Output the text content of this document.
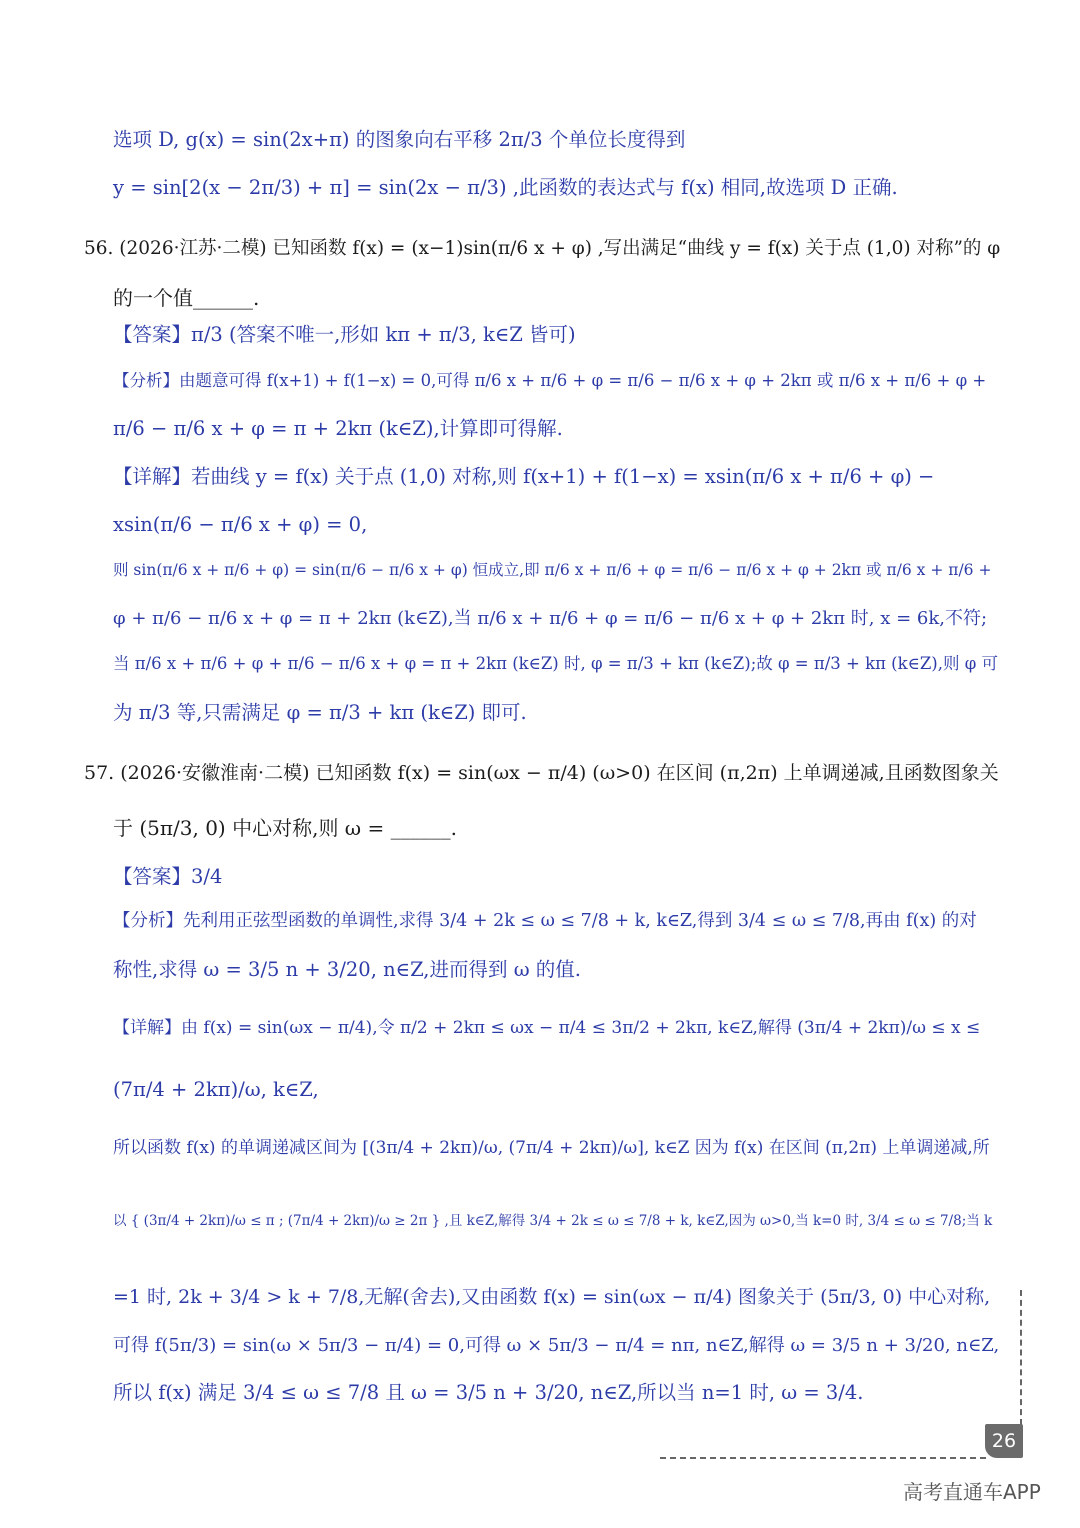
选项 D, g(x) = sin(2x+π) 的图象向右平移 2π/3 个单位长度得到
y = sin[2(x − 2π/3) + π] = sin(2x − π/3) ,此函数的表达式与 f(x) 相同,故选项 D 正确.
56. (2026·江苏·二模) 已知函数 f(x) = (x−1)sin(π/6 x + φ) ,写出满足“曲线 y = f(x) 关于点 (1,0) 对称”的 φ
的一个值______.
【答案】π/3 (答案不唯一,形如 kπ + π/3, k∈Z 皆可)
【分析】由题意可得 f(x+1) + f(1−x) = 0,可得 π/6 x + π/6 + φ = π/6 − π/6 x + φ + 2kπ 或 π/6 x + π/6 + φ +
π/6 − π/6 x + φ = π + 2kπ (k∈Z),计算即可得解.
【详解】若曲线 y = f(x) 关于点 (1,0) 对称,则 f(x+1) + f(1−x) = xsin(π/6 x + π/6 + φ) −
xsin(π/6 − π/6 x + φ) = 0,
则 sin(π/6 x + π/6 + φ) = sin(π/6 − π/6 x + φ) 恒成立,即 π/6 x + π/6 + φ = π/6 − π/6 x + φ + 2kπ 或 π/6 x + π/6 +
φ + π/6 − π/6 x + φ = π + 2kπ (k∈Z),当 π/6 x + π/6 + φ = π/6 − π/6 x + φ + 2kπ 时, x = 6k,不符;
当 π/6 x + π/6 + φ + π/6 − π/6 x + φ = π + 2kπ (k∈Z) 时, φ = π/3 + kπ (k∈Z);故 φ = π/3 + kπ (k∈Z),则 φ 可
为 π/3 等,只需满足 φ = π/3 + kπ (k∈Z) 即可.
57. (2026·安徽淮南·二模) 已知函数 f(x) = sin(ωx − π/4) (ω>0) 在区间 (π,2π) 上单调递减,且函数图象关
于 (5π/3, 0) 中心对称,则 ω = ______.
【答案】3/4
【分析】先利用正弦型函数的单调性,求得 3/4 + 2k ≤ ω ≤ 7/8 + k, k∈Z,得到 3/4 ≤ ω ≤ 7/8,再由 f(x) 的对
称性,求得 ω = 3/5 n + 3/20, n∈Z,进而得到 ω 的值.
【详解】由 f(x) = sin(ωx − π/4),令 π/2 + 2kπ ≤ ωx − π/4 ≤ 3π/2 + 2kπ, k∈Z,解得 (3π/4 + 2kπ)/ω ≤ x ≤
(7π/4 + 2kπ)/ω, k∈Z,
所以函数 f(x) 的单调递减区间为 [(3π/4 + 2kπ)/ω, (7π/4 + 2kπ)/ω], k∈Z 因为 f(x) 在区间 (π,2π) 上单调递减,所
以 { (3π/4 + 2kπ)/ω ≤ π ; (7π/4 + 2kπ)/ω ≥ 2π } ,且 k∈Z,解得 3/4 + 2k ≤ ω ≤ 7/8 + k, k∈Z,因为 ω>0,当 k=0 时, 3/4 ≤ ω ≤ 7/8;当 k
=1 时, 2k + 3/4 > k + 7/8,无解(舍去),又由函数 f(x) = sin(ωx − π/4) 图象关于 (5π/3, 0) 中心对称,
可得 f(5π/3) = sin(ω × 5π/3 − π/4) = 0,可得 ω × 5π/3 − π/4 = nπ, n∈Z,解得 ω = 3/5 n + 3/20, n∈Z,
所以 f(x) 满足 3/4 ≤ ω ≤ 7/8 且 ω = 3/5 n + 3/20, n∈Z,所以当 n=1 时, ω = 3/4.
26
高考直通车APP
